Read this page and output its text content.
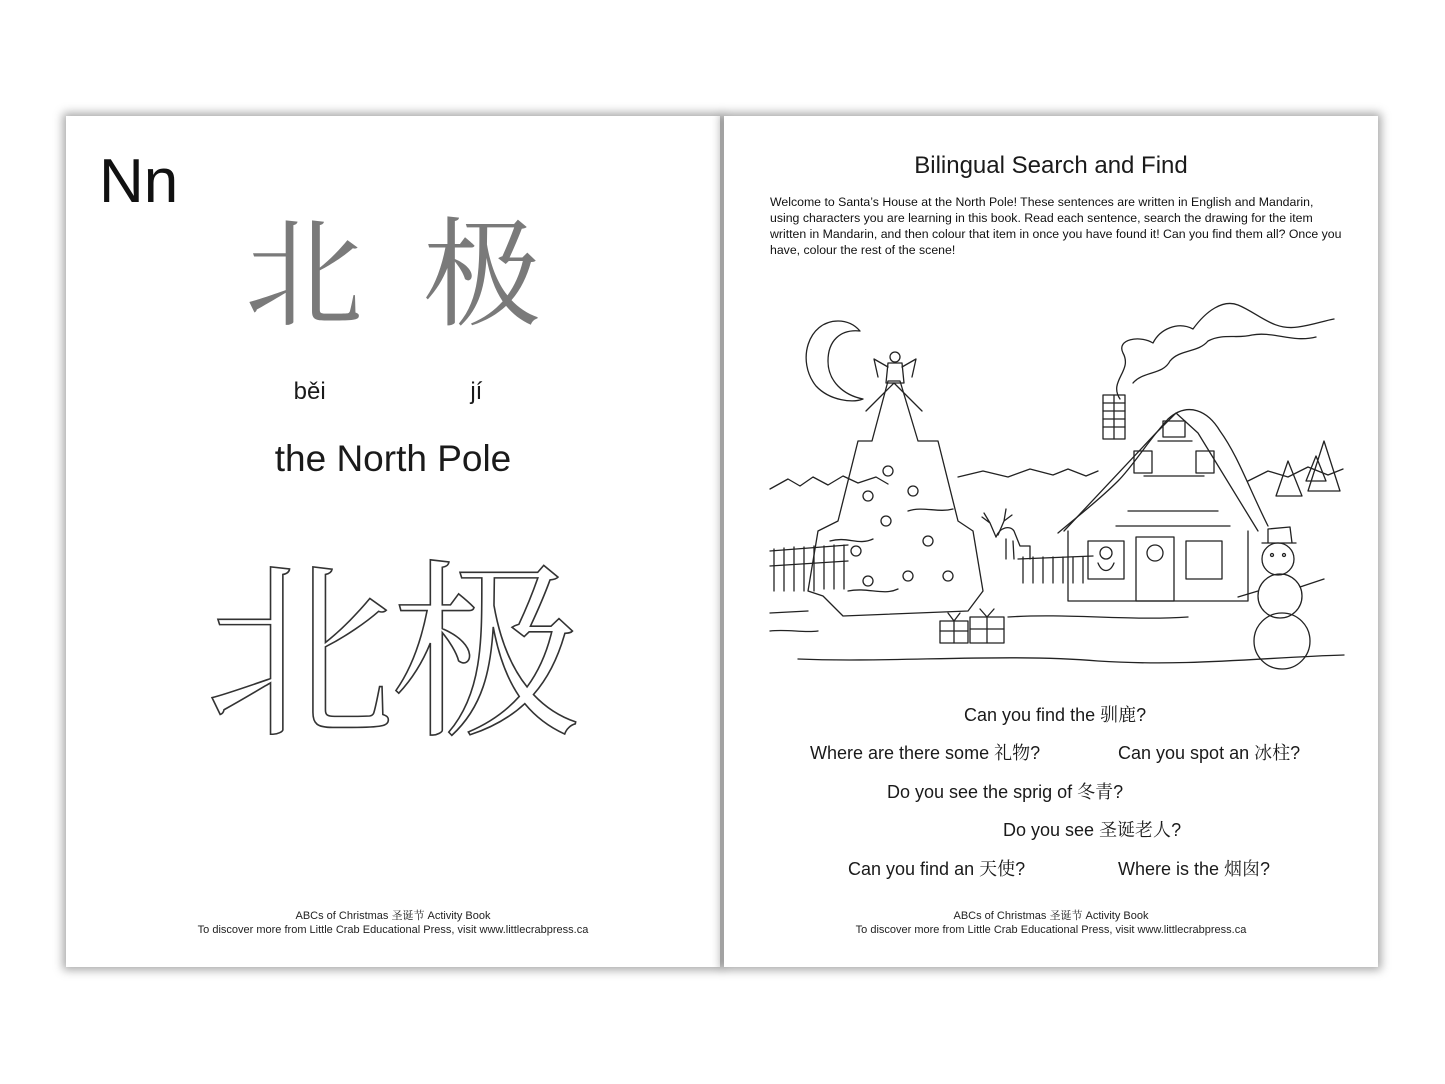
Nn
北 极
běi	jí
the North Pole
北极
ABCs of Christmas 圣诞节 Activity Book
To discover more from Little Crab Educational Press, visit www.littlecrabpress.ca
Bilingual Search and Find
Welcome to Santa’s House at the North Pole! These sentences are written in English and Mandarin, using characters you are learning in this book. Read each sentence, search the drawing for the item written in Mandarin, and then colour that item in once you have found it! Can you find them all? Once you have, colour the rest of the scene!
Can you find the 驯鹿?
Where are there some 礼物?	Can you spot an 冰柱?
Do you see the sprig of 冬青?
Do you see 圣诞老人?
Can you find an 天使?	Where is the 烟囱?
ABCs of Christmas 圣诞节 Activity Book
To discover more from Little Crab Educational Press, visit www.littlecrabpress.ca
